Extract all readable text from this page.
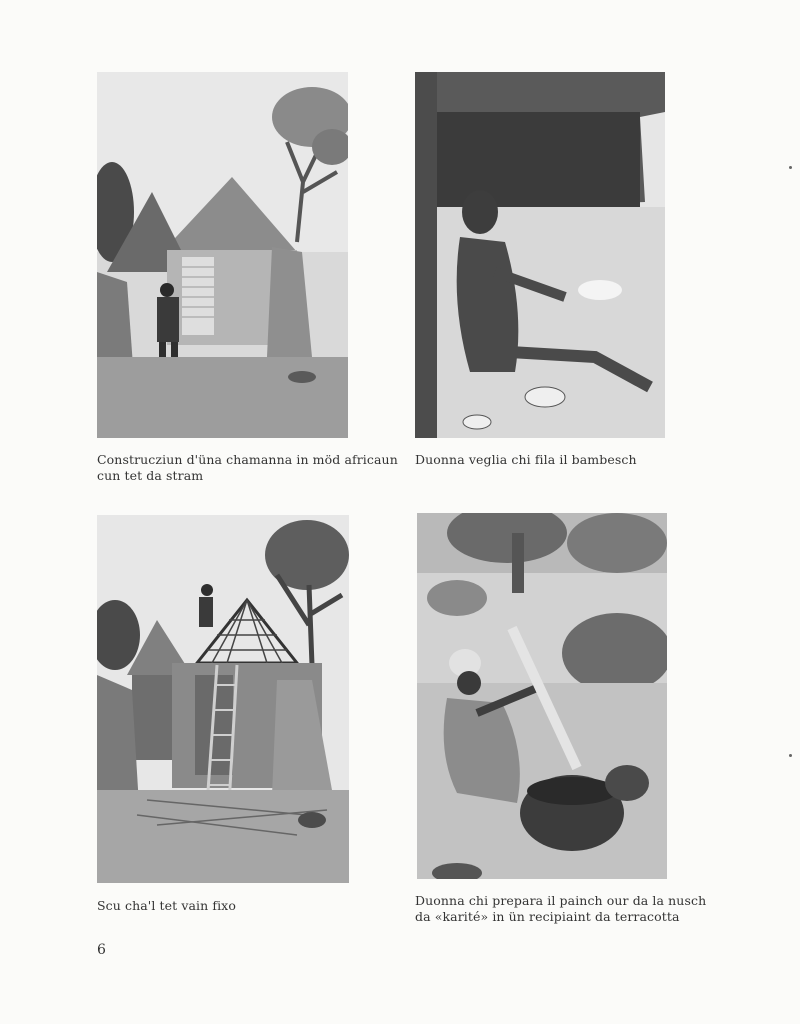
Construcziun d'üna chamanna in möd africaun cun tet da stram
Duonna veglia chi fila il bambesch
Scu cha'l tet vain fixo	Duonna chi prepara il painch our da la nusch da «karité» in ün recipiaint da terracotta
6
